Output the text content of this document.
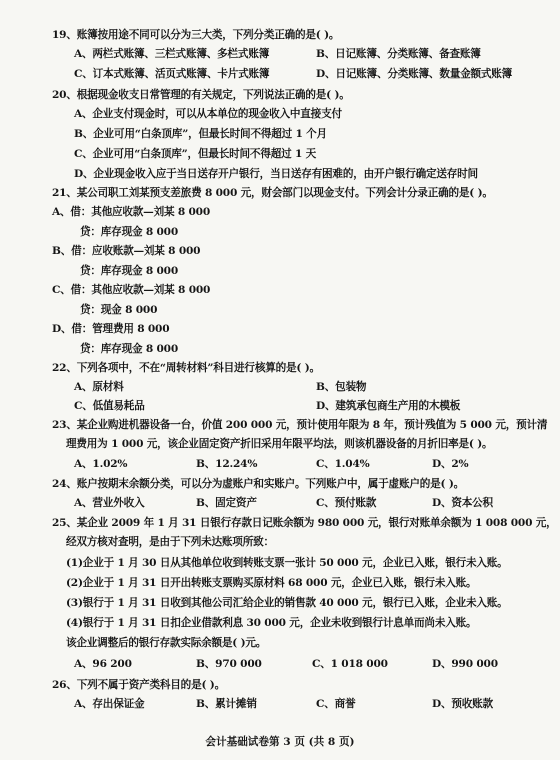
19、账簿按用途不同可以分为三大类，下列分类正确的是( )。
A、两栏式账簿、三栏式账簿、多栏式账簿	B、日记账簿、分类账簿、备查账簿
C、订本式账簿、活页式账簿、卡片式账簿	D、日记账簿、分类账簿、数量金额式账簿
20、根据现金收支日常管理的有关规定，下列说法正确的是( )。
A、企业支付现金时，可以从本单位的现金收入中直接支付
B、企业可用“白条顶库”，但最长时间不得超过 1 个月
C、企业可用“白条顶库”，但最长时间不得超过 1 天
D、企业现金收入应于当日送存开户银行，当日送存有困难的，由开户银行确定送存时间
21、某公司职工刘某预支差旅费 8 000 元，财会部门以现金支付。下列会计分录正确的是( )。
A、借：其他应收款—刘某 8 000
贷：库存现金 8 000
B、借：应收账款—刘某 8 000
贷：库存现金 8 000
C、借：其他应收款—刘某 8 000
贷：现金 8 000
D、借：管理费用 8 000
贷：库存现金 8 000
22、下列各项中，不在“周转材料”科目进行核算的是( )。
A、原材料	B、包装物
C、低值易耗品	D、建筑承包商生产用的木模板
23、某企业购进机器设备一台，价值 200 000 元，预计使用年限为 8 年，预计残值为 5 000 元，预计清
理费用为 1 000 元，该企业固定资产折旧采用年限平均法，则该机器设备的月折旧率是( )。
A、1.02%	B、12.24%	C、1.04%	D、2%
24、账户按期末余额分类，可以分为虚账户和实账户。下列账户中，属于虚账户的是( )。
A、营业外收入	B、固定资产	C、预付账款	D、资本公积
25、某企业 2009 年 1 月 31 日银行存款日记账余额为 980 000 元，银行对账单余额为 1 008 000 元，
经双方核对查明，是由于下列未达账项所致：
(1)企业于 1 月 30 日从其他单位收到转账支票一张计 50 000 元，企业已入账，银行未入账。
(2)企业于 1 月 31 日开出转账支票购买原材料 68 000 元，企业已入账，银行未入账。
(3)银行于 1 月 31 日收到其他公司汇给企业的销售款 40 000 元，银行已入账，企业未入账。
(4)银行于 1 月 31 日扣企业借款利息 30 000 元，企业未收到银行计息单而尚未入账。
该企业调整后的银行存款实际余额是( )元。
A、96 200	B、970 000	C、1 018 000	D、990 000
26、下列不属于资产类科目的是( )。
A、存出保证金	B、累计摊销	C、商誉	D、预收账款
会计基础试卷第 3 页 (共 8 页)
